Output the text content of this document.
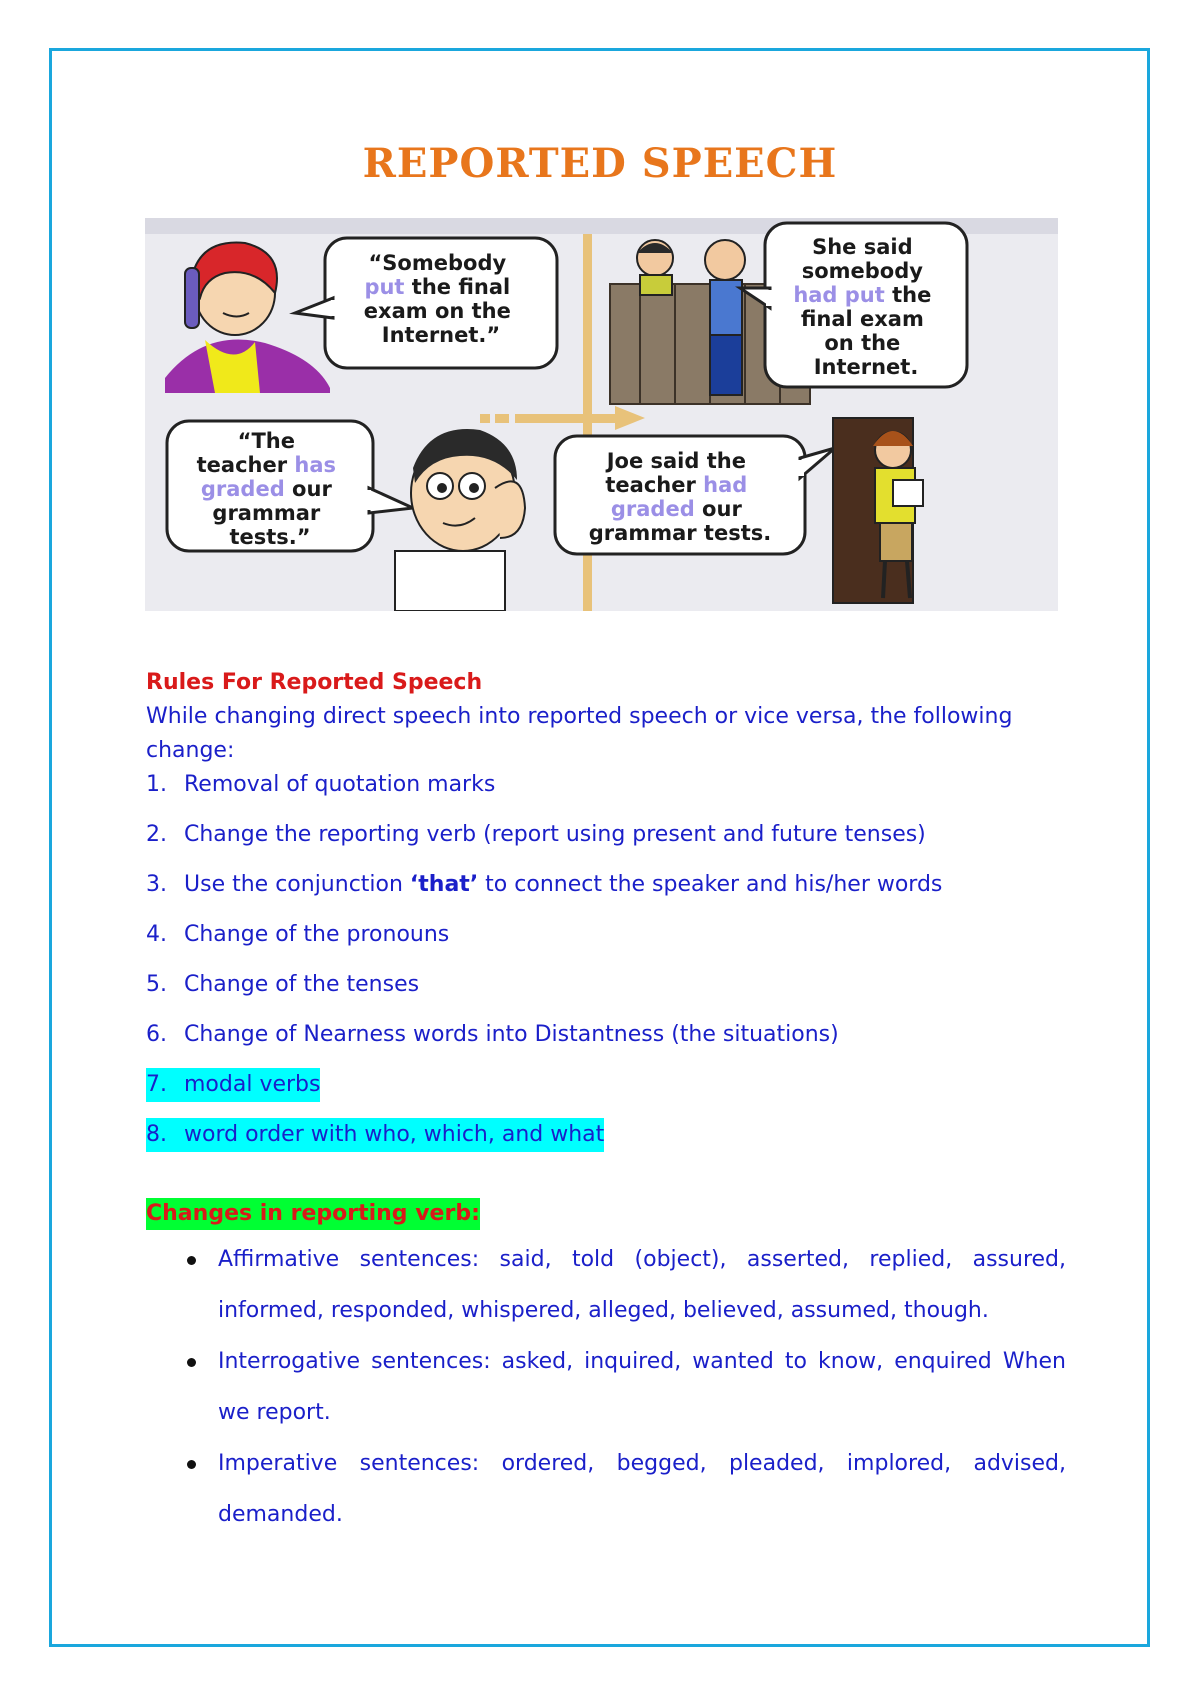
REPORTED SPEECH
“Somebody put the final exam on the Internet.”
She said somebody had put the final exam on the Internet.
“The teacher has graded our grammar tests.”
Joe said the teacher had graded our grammar tests.
Rules For Reported Speech
While changing direct speech into reported speech or vice versa, the following change:
1. Removal of quotation marks
2. Change the reporting verb (report using present and future tenses)
3. Use the conjunction ‘that’ to connect the speaker and his/her words
4. Change of the pronouns
5. Change of the tenses
6. Change of Nearness words into Distantness (the situations)
7. modal verbs
8. word order with who, which, and what
Changes in reporting verb:
Affirmative sentences: said, told (object), asserted, replied, assured, informed, responded, whispered, alleged, believed, assumed, though.
Interrogative sentences: asked, inquired, wanted to know, enquired When we report.
Imperative sentences: ordered, begged, pleaded, implored, advised, demanded.
